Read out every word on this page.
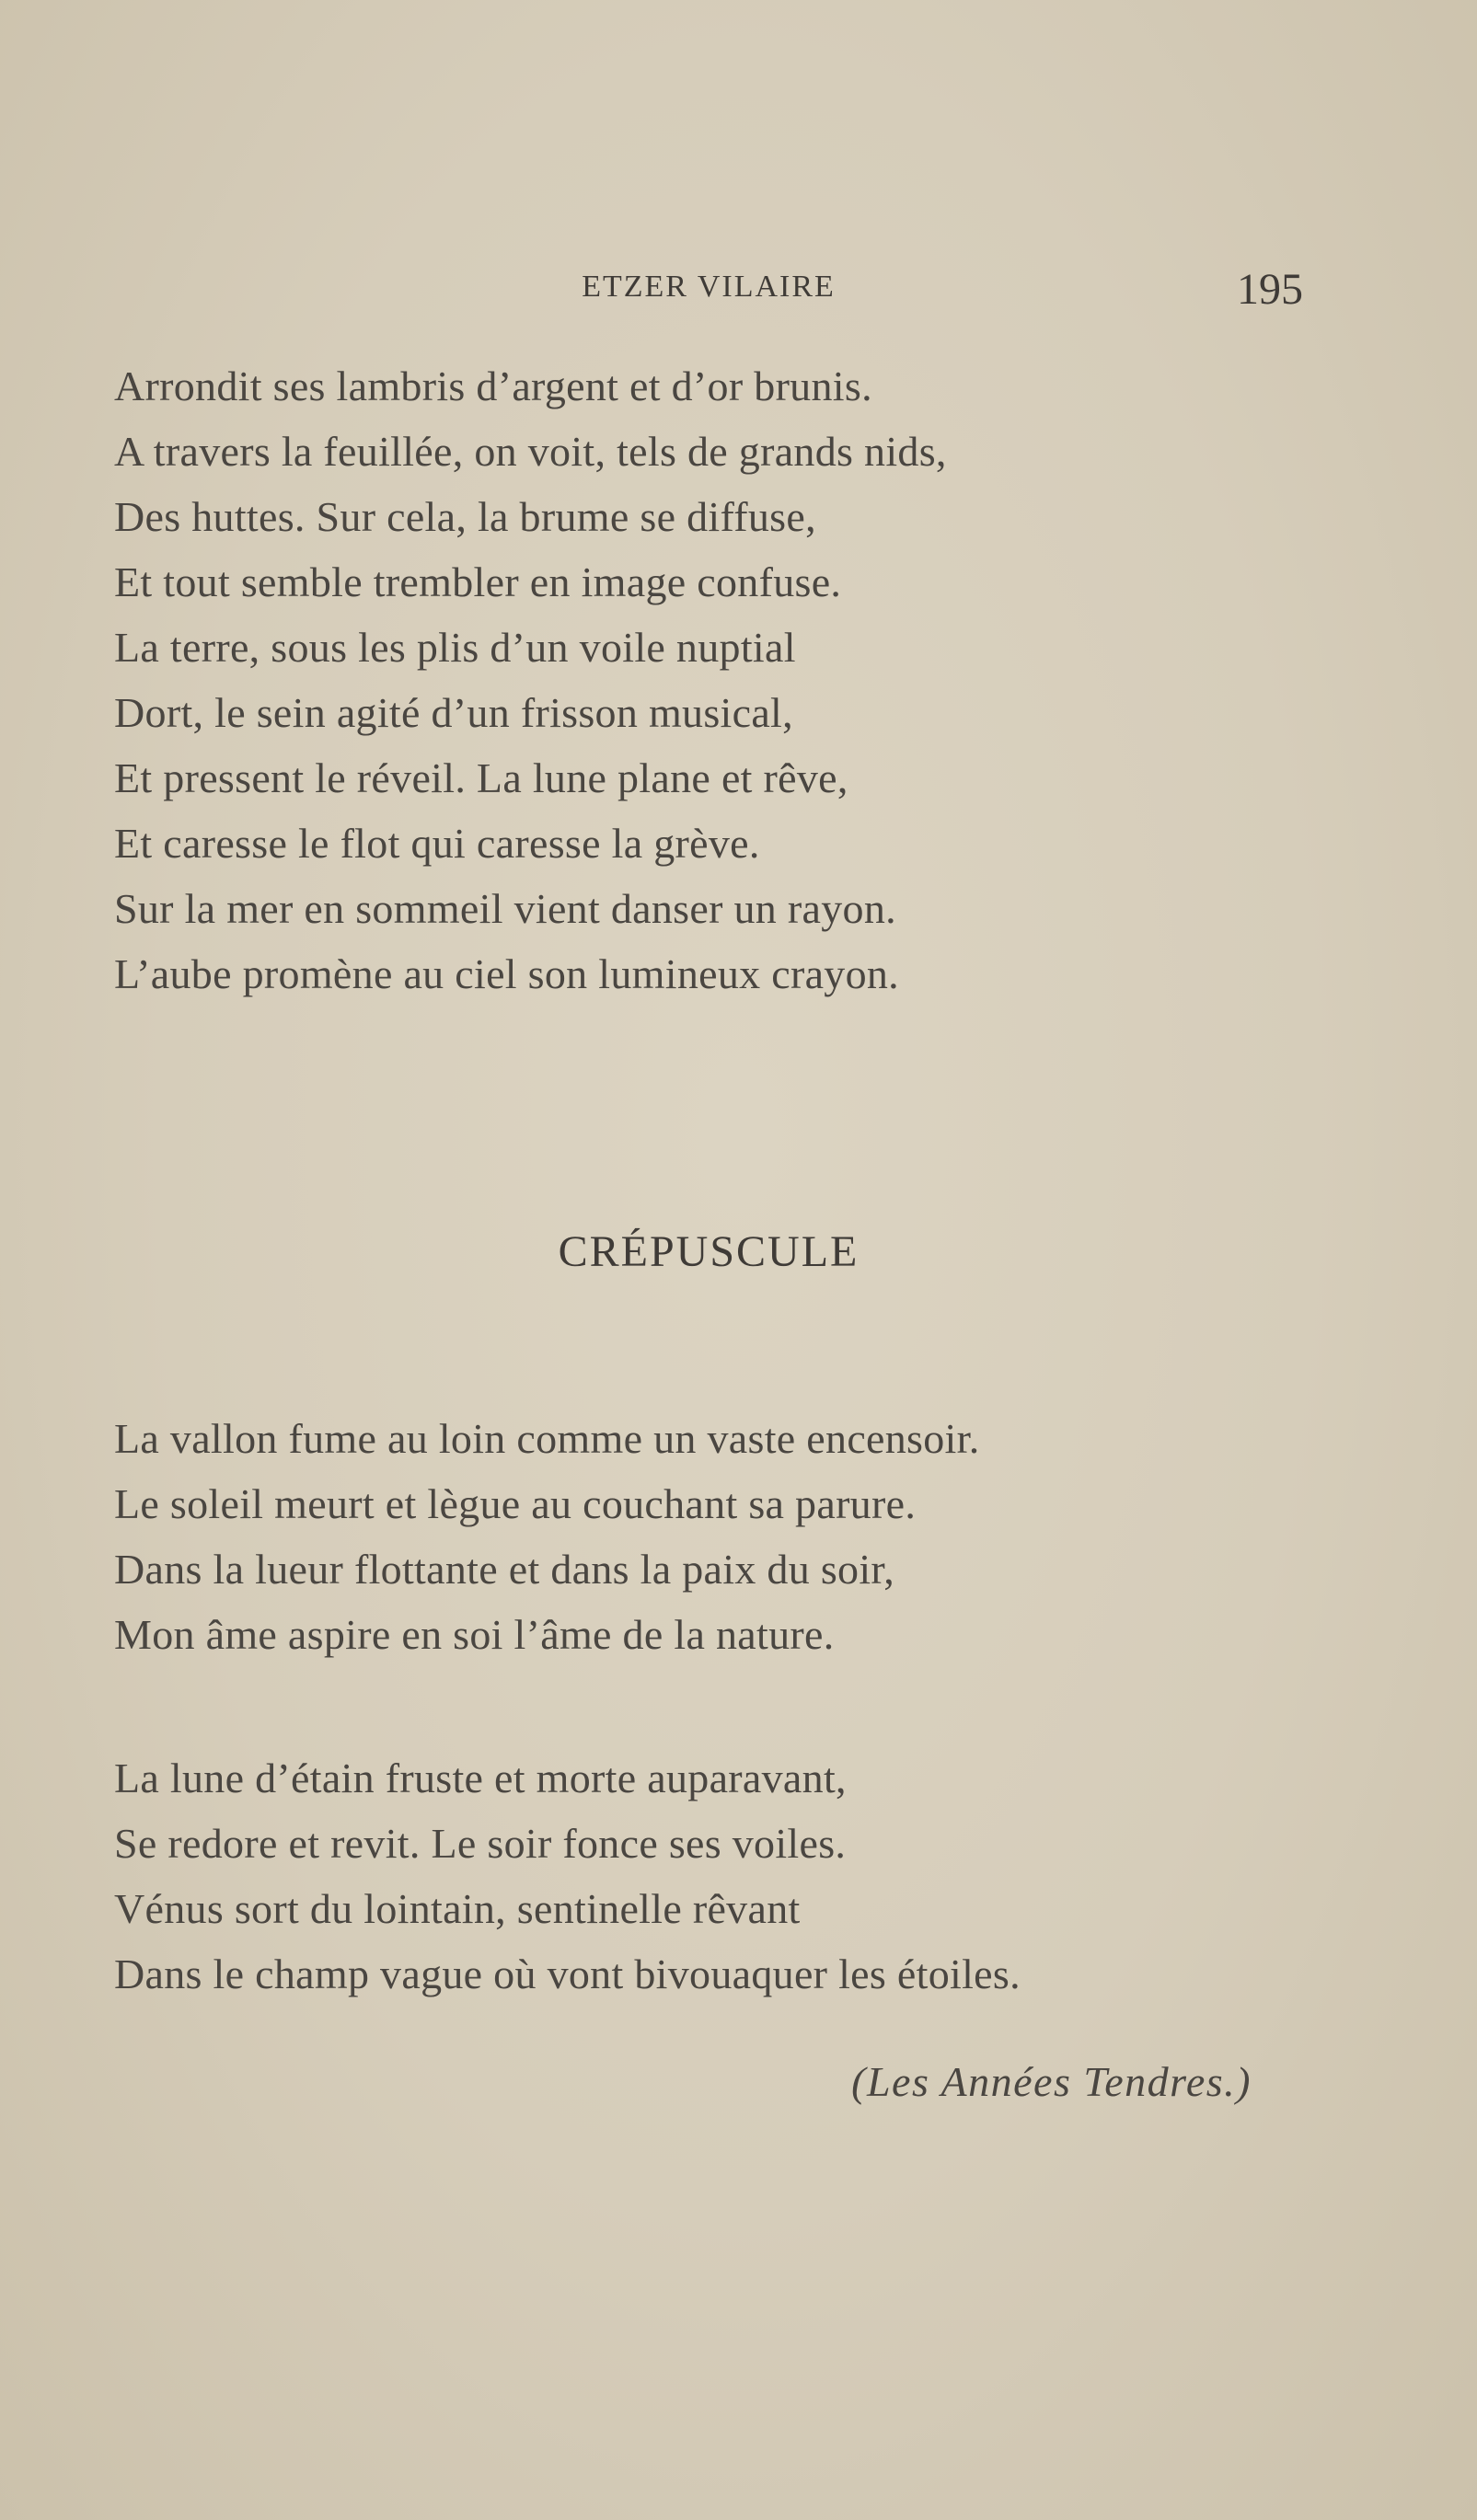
ETZER VILAIRE	195
Arrondit ses lambris d’argent et d’or brunis.
A travers la feuillée, on voit, tels de grands nids,
Des huttes. Sur cela, la brume se diffuse,
Et tout semble trembler en image confuse.
La terre, sous les plis d’un voile nuptial
Dort, le sein agité d’un frisson musical,
Et pressent le réveil. La lune plane et rêve,
Et caresse le flot qui caresse la grève.
Sur la mer en sommeil vient danser un rayon.
L’aube promène au ciel son lumineux crayon.
CRÉPUSCULE
La vallon fume au loin comme un vaste encensoir.
Le soleil meurt et lègue au couchant sa parure.
Dans la lueur flottante et dans la paix du soir,
Mon âme aspire en soi l’âme de la nature.
La lune d’étain fruste et morte auparavant,
Se redore et revit. Le soir fonce ses voiles.
Vénus sort du lointain, sentinelle rêvant
Dans le champ vague où vont bivouaquer les étoiles.
(Les Années Tendres.)
